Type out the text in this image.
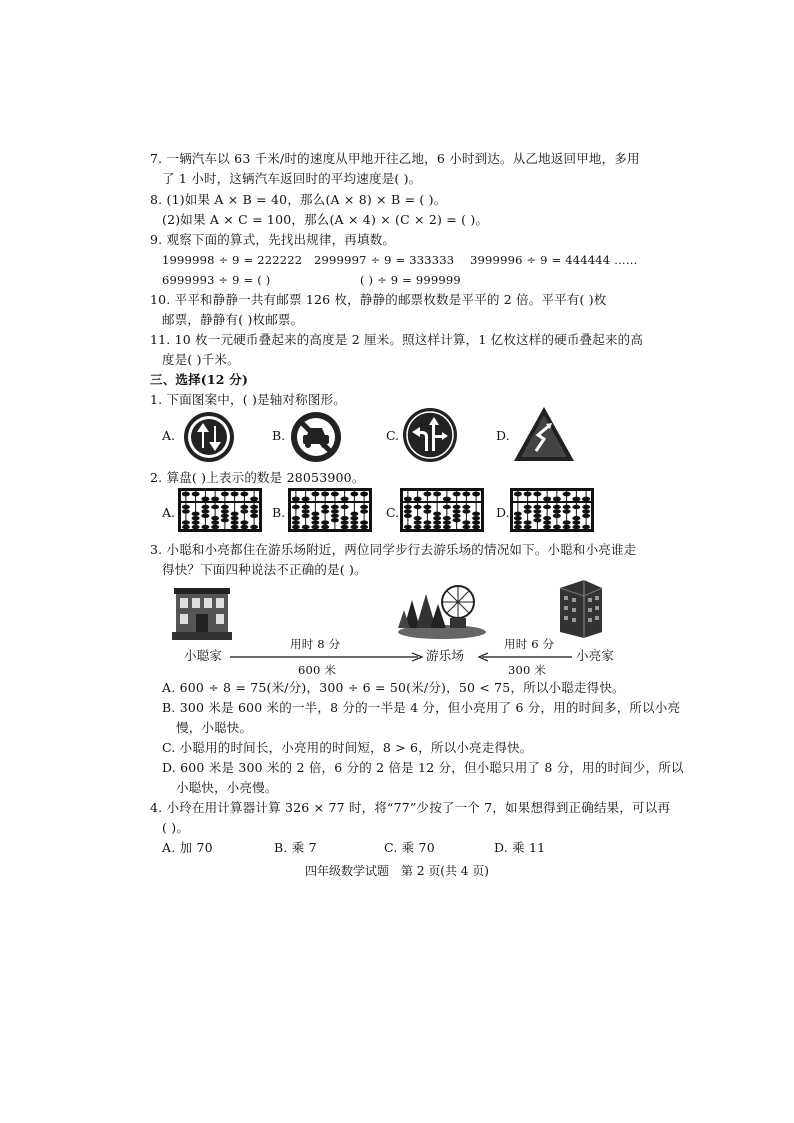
7. 一辆汽车以 63 千米/时的速度从甲地开往乙地，6 小时到达。从乙地返回甲地，多用
了 1 小时，这辆汽车返回时的平均速度是( )。
8. (1)如果 A × B = 40，那么(A × 8) × B = ( )。
(2)如果 A × C = 100，那么(A × 4) × (C × 2) = ( )。
9. 观察下面的算式，先找出规律，再填数。
1999998 ÷ 9 = 222222 2999997 ÷ 9 = 333333 3999996 ÷ 9 = 444444 ……
6999993 ÷ 9 = ( )	( ) ÷ 9 = 999999
10. 平平和静静一共有邮票 126 枚，静静的邮票枚数是平平的 2 倍。平平有( )枚
邮票，静静有( )枚邮票。
11. 10 枚一元硬币叠起来的高度是 2 厘米。照这样计算，1 亿枚这样的硬币叠起来的高
度是( )千米。
三、选择(12 分)
1. 下面图案中，( )是轴对称图形。
A.	B.	C.	D.
2. 算盘( )上表示的数是 28053900。
A.	B.	C.	D.
3. 小聪和小亮都住在游乐场附近，两位同学步行去游乐场的情况如下。小聪和小亮谁走
得快？下面四种说法不正确的是( )。
小聪家	游乐场	小亮家
用时 8 分
600 米
用时 6 分
300 米
A. 600 ÷ 8 = 75(米/分)，300 ÷ 6 = 50(米/分)，50 < 75，所以小聪走得快。
B. 300 米是 600 米的一半，8 分的一半是 4 分，但小亮用了 6 分，用的时间多，所以小亮
慢，小聪快。
C. 小聪用的时间长，小亮用的时间短，8 > 6，所以小亮走得快。
D. 600 米是 300 米的 2 倍，6 分的 2 倍是 12 分，但小聪只用了 8 分，用的时间少，所以
小聪快，小亮慢。
4. 小玲在用计算器计算 326 × 77 时，将“77”少按了一个 7，如果想得到正确结果，可以再
( )。
A. 加 70	B. 乘 7	C. 乘 70	D. 乘 11
四年级数学试题　第 2 页(共 4 页)
